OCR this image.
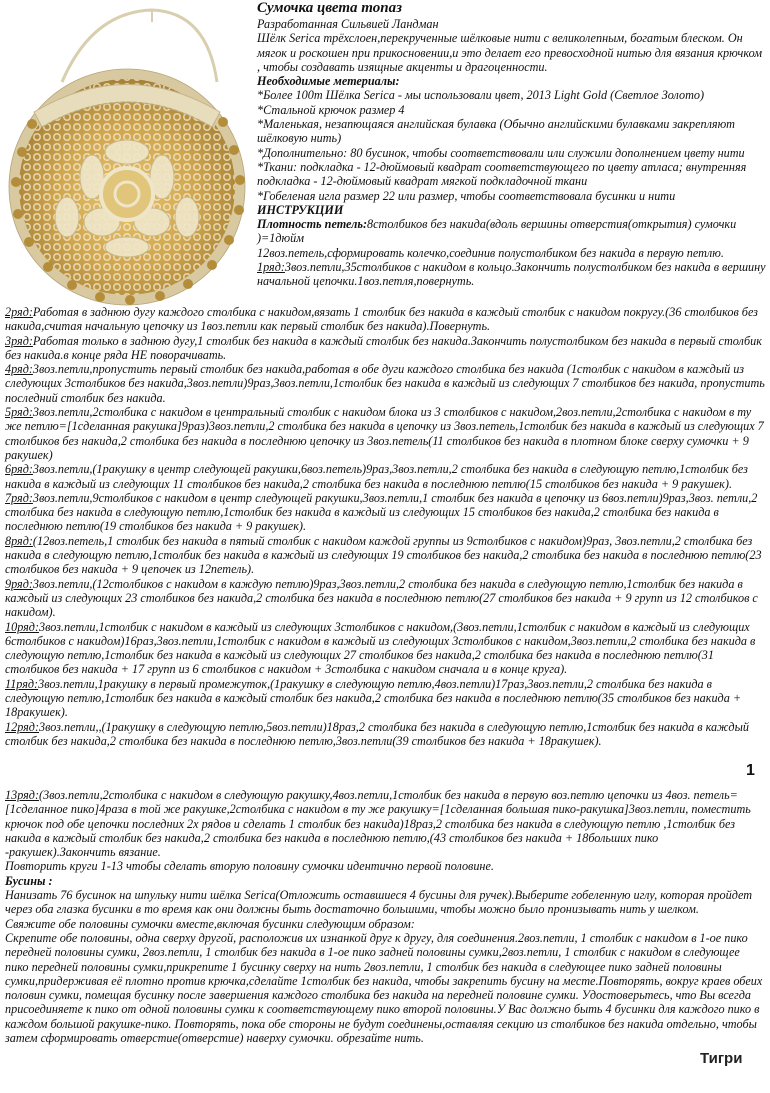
Сумочка цвета топаз

Разработанная Сильвией Ландман

Шёлк Serica трёхслоен,перекрученные шёлковые нити с великолепным, богатым блеском. Он мягок и роскошен при прикосновении,и это делает его превосходной нитью для вязания крючком , чтобы создавать изящные акценты и драгоценности.

Необходимые метериалы:

*Более 100m Шёлка Serica - мы использовали цвет, 2013 Light Gold (Светлое Золото)

*Стальной крючок размер 4

*Маленькая, незапющаяся английская булавка (Обычно английскими булавками закрепляют шёлковую нить)

*Дополнительно: 80 бусинок, чтобы соответствовали или служили дополнением цвету нити

*Ткани: подкладка - 12-дюймовый квадрат соответствующего по цвету атласа; внутренняя подкладка - 12-дюймовый квадрат мягкой подкладочной ткани

*Гобеленая игла размер 22 или размер, чтобы соответствовала бусинки и нити

ИНСТРУКЦИИ

Плотность петель:8столбиков без накида(вдоль вершины отверстия(открытия) сумочки )=1дюйм

12воз.петель,сформировать колечко,соединив полустолбиком без накида в первую петлю.

1ряд:3воз.петли,35столбиков с накидом в кольцо.Закончить полустолбиком без накида в вершину начальной цепочки.1воз.петля,повернуть.

2ряд:Работая в заднюю дугу каждого столбика с накидом,вязать 1 столбик без накида в каждый столбик с накидом покругу.(36 столбиков без накида,считая начальную цепочку из 1воз.петли как первый столбик без накида).Повернуть.

3ряд:Работая только в заднюю дугу,1 столбик без накида в каждый столбик без накида.Закончить полустолбиком без накида в первый столбик без накида.в конце ряда НЕ поворачивать.

4ряд:3воз.петли,пропустить первый столбик без накида,работая в обе дуги каждого столбика без накида (1столбик с накидом в каждый из следующих 3столбиков без накида,3воз.петли)9раз,3воз.петли,1столбик без накида в каждый из следующих 7 столбиков без накида, пропустить последний столбик без накида.

5ряд:3воз.петли,2столбика с накидом в центральный столбик с накидом блока из 3 столбиков с накидом,2воз.петли,2столбика с накидом в ту же петлю=[1сделанная ракушка]9раз)3воз.петли,2 столбика без накида в цепочку из 3воз.петель,1столбик без накида в каждый из следующих 7 столбиков без накида,2 столбика без накида в последнюю цепочку из 3воз.петель(11 столбиков без накида в плотном блоке сверху сумочки + 9 ракушек)

6ряд:3воз.петли,(1ракушку в центр следующей ракушки,6воз.петель)9раз,3воз.петли,2 столбика без накида в следующую петлю,1столбик без накида в каждый из следующих 11 столбиков без накида,2 столбика без накида в последнюю петлю(15 столбиков без накида + 9 ракушек).

7ряд:3воз.петли,9столбиков с накидом в центр следующей ракушки,3воз.петли,1 столбик без накида в цепочку из 6воз.петли)9раз,3воз. петли,2 столбика без накида в следующую петлю,1столбик без накида в каждый из следующих 15 столбиков без накида,2 столбика без накида в последнюю петлю(19 столбиков без накида + 9 ракушек).

8ряд:(12воз.петель,1 столбик без накида в пятый столбик с накидом каждой группы из 9столбиков с накидом)9раз, 3воз.петли,2 столбика без накида в следующую петлю,1столбик без накида в каждый из следующих 19 столбиков без накида,2 столбика без накида в последнюю петлю(23 столбиков без накида + 9 цепочек из 12петель).

9ряд:3воз.петли,(12столбиков с накидом в каждую петлю)9раз,3воз.петли,2 столбика без накида в следующую петлю,1столбик без накида в каждый из следующих 23 столбиков без накида,2 столбика без накида в последнюю петлю(27 столбиков без накида + 9 групп из 12 столбиков с накидом).

10ряд:3воз.петли,1столбик с накидом в каждый из следующих 3столбиков с накидом,(3воз.петли,1столбик с накидом в каждый из следующих 6столбиков с накидом)16раз,3воз.петли,1столбик с накидом в каждый из следующих 3столбиков с накидом,3воз.петли,2 столбика без накида в следующую петлю,1столбик без накида в каждый из следующих 27 столбиков без накида,2 столбика без накида в последнюю петлю(31 столбиков без накида + 17 групп из 6 столбиков с накидом + 3столбика с накидом сначала и в конце круга).

11ряд:3воз.петли,1ракушку в первый промежуток,(1ракушку в следующую петлю,4воз.петли)17раз,3воз.петли,2 столбика без накида в следующую петлю,1столбик без накида в каждый столбик без накида,2 столбика без накида в последнюю петлю(35 столбиков без накида + 18ракушек).

12ряд:3воз.петли,,(1ракушку в следующую петлю,5воз.петли)18раз,2 столбика без накида в следующую петлю,1столбик без накида в каждый столбик без накида,2 столбика без накида в последнюю петлю,3воз.петли(39 столбиков без накида + 18ракушек).

1

13ряд:(3воз.петли,2столбика с накидом в следующую ракушку,4воз.петли,1столбик без накида в первую воз.петлю цепочки из 4воз. петель=[1сделанное пико]4раза в той же ракушке,2столбика с накидом в ту же ракушку=[1сделанная большая пико-ракушка]3воз.петли, поместить крючок под обе цепочки последних 2х рядов и сделать 1 столбик без накида)18раз,2 столбика без накида в следующую петлю ,1столбик без накида в каждый столбик без накида,2 столбика без накида в последнюю петлю,(43 столбиков без накида + 18больших пико -ракушек).Закончить вязание.

Повторить круги 1-13 чтобы сделать вторую половину сумочки идентично первой половине.

Бусины :

Нанизать 76 бусинок на шпульку нити шёлка Serica(Отложить оставшиеся 4 бусины для ручек).Выберите гобеленную иглу, которая пройдет через оба глазка бусинки в то время как они должны быть достаточно большими, чтобы можно было пронизывать нить у шелком.

Свяжите обе половины сумочки вместе,включая бусинки следующим образом:

Скрепите обе половины, одна сверху другой, расположив их изнанкой друг к другу, для соединения.2воз.петли, 1 столбик с накидом в 1-ое пико передней половины сумки, 2воз.петли, 1 столбик без накида в 1-ое пико задней половины сумки,2воз.петли, 1 столбик с накидом в следующее пико передней половины сумки,прикрепите 1 бусинку сверху на нить 2воз.петли, 1 столбик без накида в следующее пико задней половины сумки,придерживая её плотно против крючка,сделайте 1столбик без накида, чтобы закрепить бусину на месте.Повторять, вокруг краев обеих половин сумки, помещая бусинку после завершения каждого столбика без накида на передней половине сумки. Удостоверьтесь, что Вы всегда присоединяете к пико от одной половины сумки к соответствующему пико второй половины.У Вас должно быть 4 бусинки для каждого пико в каждом большой ракушке-пико. Повторять, пока обе стороны не будут соединены,оставляя секцию из столбиков без накида отдельно, чтобы затем сформировать отверстие(отверстие) наверху сумочки. обрезайте нить.

Тигри
